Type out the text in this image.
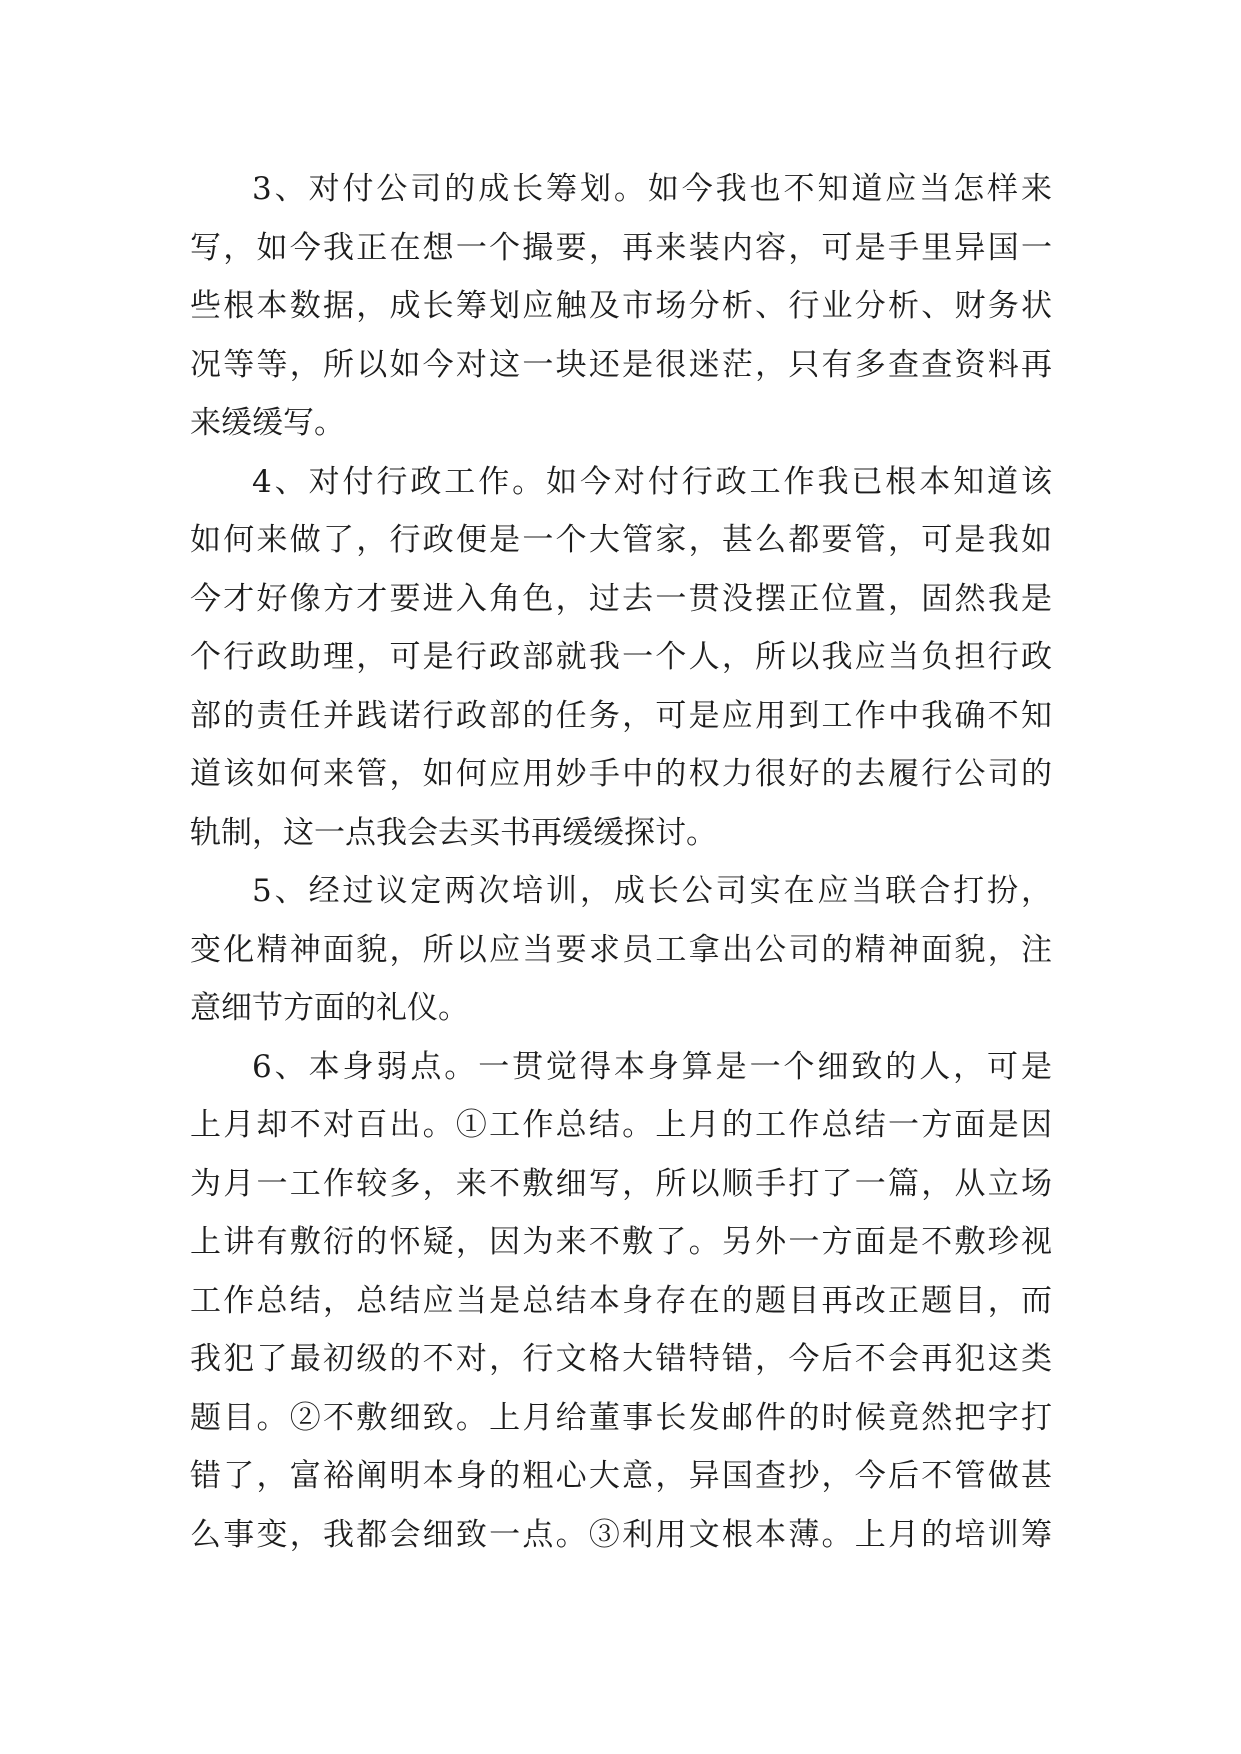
3、对付公司的成长筹划。如今我也不知道应当怎样来
写，如今我正在想一个撮要，再来装内容，可是手里异国一
些根本数据，成长筹划应触及市场分析、行业分析、财务状
况等等，所以如今对这一块还是很迷茫，只有多查查资料再
来缓缓写。
4、对付行政工作。如今对付行政工作我已根本知道该
如何来做了，行政便是一个大管家，甚么都要管，可是我如
今才好像方才要进入角色，过去一贯没摆正位置，固然我是
个行政助理，可是行政部就我一个人，所以我应当负担行政
部的责任并践诺行政部的任务，可是应用到工作中我确不知
道该如何来管，如何应用妙手中的权力很好的去履行公司的
轨制，这一点我会去买书再缓缓探讨。
5、经过议定两次培训，成长公司实在应当联合打扮，
变化精神面貌，所以应当要求员工拿出公司的精神面貌，注
意细节方面的礼仪。
6、本身弱点。一贯觉得本身算是一个细致的人，可是
上月却不对百出。①工作总结。上月的工作总结一方面是因
为月一工作较多，来不敷细写，所以顺手打了一篇，从立场
上讲有敷衍的怀疑，因为来不敷了。另外一方面是不敷珍视
工作总结，总结应当是总结本身存在的题目再改正题目，而
我犯了最初级的不对，行文格大错特错，今后不会再犯这类
题目。②不敷细致。上月给董事长发邮件的时候竟然把字打
错了，富裕阐明本身的粗心大意，异国查抄，今后不管做甚
么事变，我都会细致一点。③利用文根本薄。上月的培训筹
